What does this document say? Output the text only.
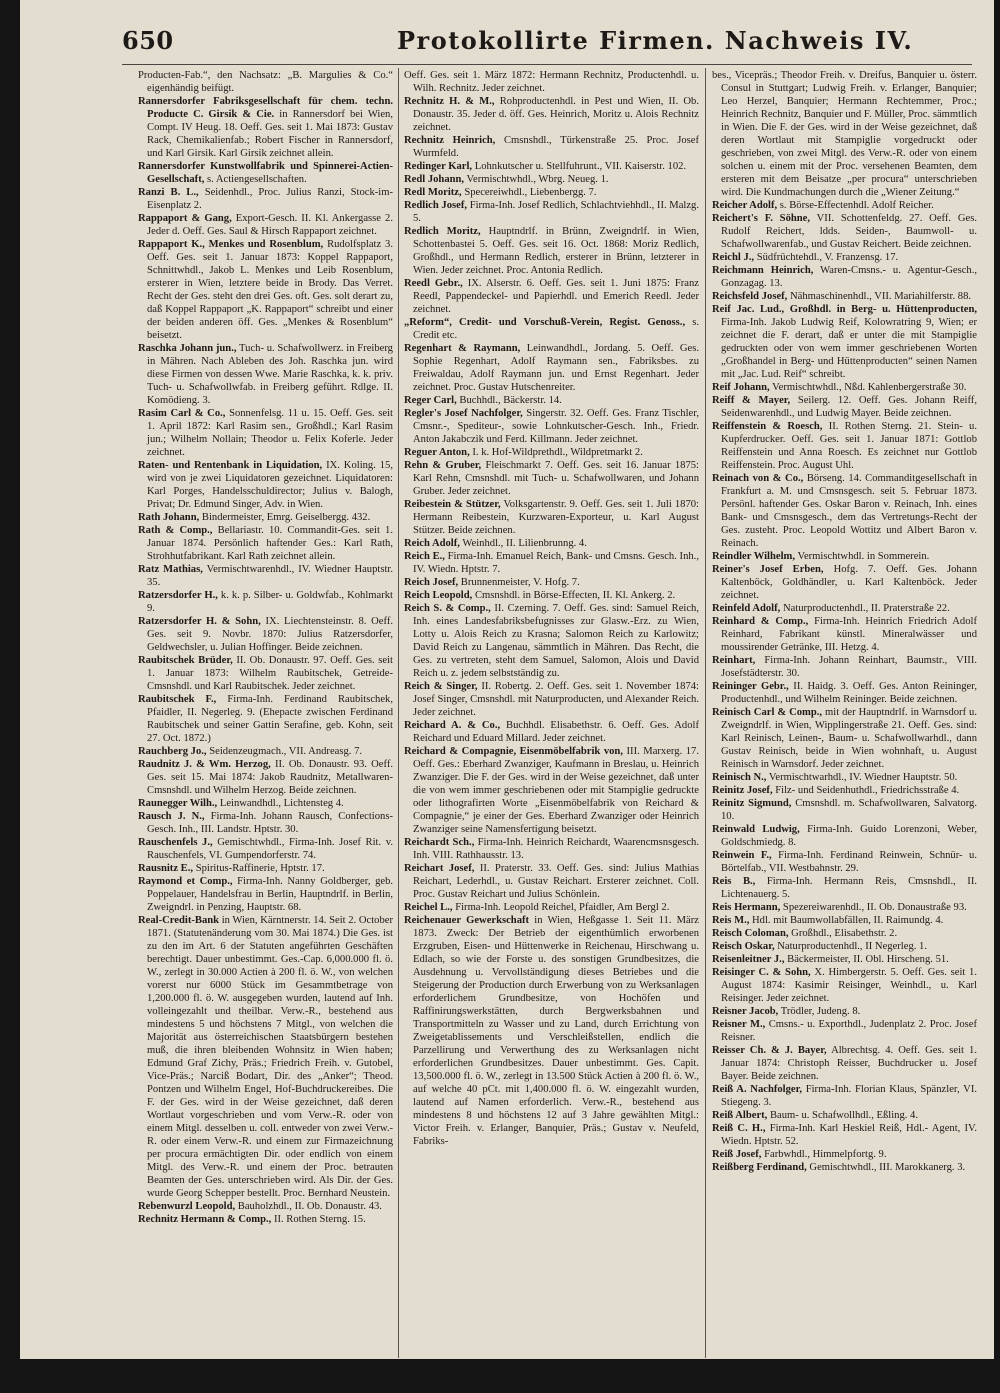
650	Protokollirte Firmen. Nachweis IV.

Producten-Fab.“, den Nachsatz: „B. Margulies & Co.“ eigenhändig beifügt.

Rannersdorfer Fabriksgesellschaft für chem. techn. Producte C. Girsik & Cie. in Rannersdorf bei Wien, Compt. IV Heug. 18. Oeff. Ges. seit 1. Mai 1873: Gustav Rack, Chemikalienfab.; Robert Fischer in Rannersdorf, und Karl Girsik. Karl Girsik zeichnet allein.

Rannersdorfer Kunstwollfabrik und Spinnerei-Actien-Gesellschaft, s. Actiengesellschaften.

Ranzi B. L., Seidenhdl., Proc. Julius Ranzi, Stock-im-Eisenplatz 2.

Rappaport & Gang, Export-Gesch. II. Kl. Ankergasse 2. Jeder d. Oeff. Ges. Saul & Hirsch Rappaport zeichnet.

Rappaport K., Menkes und Rosenblum, Rudolfsplatz 3. Oeff. Ges. seit 1. Januar 1873: Koppel Rappaport, Schnittwhdl., Jakob L. Menkes und Leib Rosenblum, ersterer in Wien, letztere beide in Brody. Das Verret. Recht der Ges. steht den drei Ges. oft. Ges. solt derart zu, daß Koppel Rappaport „K. Rappaport“ schreibt und einer der beiden anderen öff. Ges. „Menkes & Rosenblum“ beisetzt.

Raschka Johann jun., Tuch- u. Schafwollwerz. in Freiberg in Mähren. Nach Ableben des Joh. Raschka jun. wird diese Firmen von dessen Wwe. Marie Raschka, k. k. priv. Tuch- u. Schafwollwfab. in Freiberg geführt. Rdlge. II. Komödieng. 3.

Rasim Carl & Co., Sonnenfelsg. 11 u. 15. Oeff. Ges. seit 1. April 1872: Karl Rasim sen., Großhdl.; Karl Rasim jun.; Wilhelm Nollain; Theodor u. Felix Koferle. Jeder zeichnet.

Raten- und Rentenbank in Liquidation, IX. Koling. 15, wird von je zwei Liquidatoren gezeichnet. Liquidatoren: Karl Porges, Handelsschuldirector; Julius v. Balogh, Privat; Dr. Edmund Singer, Adv. in Wien.

Rath Johann, Bindermeister, Emrg. Geiselbergg. 432.

Rath & Comp., Bellariastr. 10. Commandit-Ges. seit 1. Januar 1874. Persönlich haftender Ges.: Karl Rath, Strohhutfabrikant. Karl Rath zeichnet allein.

Ratz Mathias, Vermischtwarenhdl., IV. Wiedner Hauptstr. 35.

Ratzersdorfer H., k. k. p. Silber- u. Goldwfab., Kohlmarkt 9.

Ratzersdorfer H. & Sohn, IX. Liechtensteinstr. 8. Oeff. Ges. seit 9. Novbr. 1870: Julius Ratzersdorfer, Geldwechsler, u. Julian Hoffinger. Beide zeichnen.

Raubitschek Brüder, II. Ob. Donaustr. 97. Oeff. Ges. seit 1. Januar 1873: Wilhelm Raubitschek, Getreide-Cmsnshdl. und Karl Raubitschek. Jeder zeichnet.

Raubitschek F., Firma-Inh. Ferdinand Raubitschek, Pfaidler, II. Negerleg. 9. (Ehepacte zwischen Ferdinand Raubitschek und seiner Gattin Serafine, geb. Kohn, seit 27. Oct. 1872.)

Rauchberg Jo., Seidenzeugmach., VII. Andreasg. 7.

Raudnitz J. & Wm. Herzog, II. Ob. Donaustr. 93. Oeff. Ges. seit 15. Mai 1874: Jakob Raudnitz, Metallwaren-Cmsnshdl. und Wilhelm Herzog. Beide zeichnen.

Raunegger Wilh., Leinwandhdl., Lichtensteg 4.

Rausch J. N., Firma-Inh. Johann Rausch, Confections-Gesch. Inh., III. Landstr. Hptstr. 30.

Rauschenfels J., Gemischtwhdl., Firma-Inh. Josef Rit. v. Rauschenfels, VI. Gumpendorferstr. 74.

Rausnitz E., Spiritus-Raffinerie, Hptstr. 17.

Raymond et Comp., Firma-Inh. Nanny Goldberger, geb. Poppelauer, Handelsfrau in Berlin, Hauptndrlf. in Berlin, Zweigndrl. in Penzing, Hauptstr. 68.

Real-Credit-Bank in Wien, Kärntnerstr. 14. Seit 2. October 1871. (Statutenänderung vom 30. Mai 1874.) Die Ges. ist zu den im Art. 6 der Statuten angeführten Geschäften berechtigt. Dauer unbestimmt. Ges.-Cap. 6,000.000 fl. ö. W., zerlegt in 30.000 Actien à 200 fl. ö. W., von welchen vorerst nur 6000 Stück im Gesammtbetrage von 1,200.000 fl. ö. W. ausgegeben wurden, lautend auf Inh. volleingezahlt und theilbar. Verw.-R., bestehend aus mindestens 5 und höchstens 7 Mitgl., von welchen die Majorität aus österreichischen Staatsbürgern bestehen muß, die ihren bleibenden Wohnsitz in Wien haben; Edmund Graf Zichy, Präs.; Friedrich Freih. v. Gutobel, Vice-Präs.; Narciß Bodart, Dir. des „Anker“; Theod. Pontzen und Wilhelm Engel, Hof-Buchdruckereibes. Die F. der Ges. wird in der Weise gezeichnet, daß deren Wortlaut vorgeschrieben und vom Verw.-R. oder von einem Mitgl. desselben u. coll. entweder von zwei Verw.-R. oder einem Verw.-R. und einem zur Firmazeichnung per procura ermächtigten Dir. oder endlich von einem Mitgl. des Verw.-R. und einem der Proc. betrauten Beamten der Ges. unterschrieben wird. Als Dir. der Ges. wurde Georg Schepper bestellt. Proc. Bernhard Neustein.

Rebenwurzl Leopold, Bauholzhdl., II. Ob. Donaustr. 43.

Rechnitz Hermann & Comp., II. Rothen Sterng. 15.

Oeff. Ges. seit 1. März 1872: Hermann Rechnitz, Productenhdl. u. Wilh. Rechnitz. Jeder zeichnet.

Rechnitz H. & M., Rohproductenhdl. in Pest und Wien, II. Ob. Donaustr. 35. Jeder d. öff. Ges. Heinrich, Moritz u. Alois Rechnitz zeichnet.

Rechnitz Heinrich, Cmsnshdl., Türkenstraße 25. Proc. Josef Wurmfeld.

Redinger Karl, Lohnkutscher u. Stellfuhrunt., VII. Kaiserstr. 102.

Redl Johann, Vermischtwhdl., Wbrg. Neueg. 1.

Redl Moritz, Specereiwhdl., Liebenbergg. 7.

Redlich Josef, Firma-Inh. Josef Redlich, Schlachtviehhdl., II. Malzg. 5.

Redlich Moritz, Hauptndrlf. in Brünn, Zweigndrlf. in Wien, Schottenbastei 5. Oeff. Ges. seit 16. Oct. 1868: Moriz Redlich, Großhdl., und Hermann Redlich, ersterer in Brünn, letzterer in Wien. Jeder zeichnet. Proc. Antonia Redlich.

Reedl Gebr., IX. Alserstr. 6. Oeff. Ges. seit 1. Juni 1875: Franz Reedl, Pappendeckel- und Papierhdl. und Emerich Reedl. Jeder zeichnet.

„Reform“, Credit- und Vorschuß-Verein, Regist. Genoss., s. Credit etc.

Regenhart & Raymann, Leinwandhdl., Jordang. 5. Oeff. Ges. Sophie Regenhart, Adolf Raymann sen., Fabriksbes. zu Freiwaldau, Adolf Raymann jun. und Ernst Regenhart. Jeder zeichnet. Proc. Gustav Hutschenreiter.

Reger Carl, Buchhdl., Bäckerstr. 14.

Regler's Josef Nachfolger, Singerstr. 32. Oeff. Ges. Franz Tischler, Cmsnr.-, Spediteur-, sowie Lohnkutscher-Gesch. Inh., Friedr. Anton Jakabczik und Ferd. Killmann. Jeder zeichnet.

Reguer Anton, I. k. Hof-Wildprethdl., Wildpretmarkt 2.

Rehn & Gruber, Fleischmarkt 7. Oeff. Ges. seit 16. Januar 1875: Karl Rehn, Cmsnshdl. mit Tuch- u. Schafwollwaren, und Johann Gruber. Jeder zeichnet.

Reibestein & Stützer, Volksgartenstr. 9. Oeff. Ges. seit 1. Juli 1870: Hermann Reibestein, Kurzwaren-Exporteur, u. Karl August Stützer. Beide zeichnen.

Reich Adolf, Weinhdl., II. Lilienbrunng. 4.

Reich E., Firma-Inh. Emanuel Reich, Bank- und Cmsns. Gesch. Inh., IV. Wiedn. Hptstr. 7.

Reich Josef, Brunnenmeister, V. Hofg. 7.

Reich Leopold, Cmsnshdl. in Börse-Effecten, II. Kl. Ankerg. 2.

Reich S. & Comp., II. Czerning. 7. Oeff. Ges. sind: Samuel Reich, Inh. eines Landesfabriksbefugnisses zur Glasw.-Erz. zu Wien, Lotty u. Alois Reich zu Krasna; Salomon Reich zu Karlowitz; David Reich zu Langenau, sämmtlich in Mähren. Das Recht, die Ges. zu vertreten, steht dem Samuel, Salomon, Alois und David Reich u. z. jedem selbstständig zu.

Reich & Singer, II. Robertg. 2. Oeff. Ges. seit 1. November 1874: Josef Singer, Cmsnshdl. mit Naturproducten, und Alexander Reich. Jeder zeichnet.

Reichard A. & Co., Buchhdl. Elisabethstr. 6. Oeff. Ges. Adolf Reichard und Eduard Millard. Jeder zeichnet.

Reichard & Compagnie, Eisenmöbelfabrik von, III. Marxerg. 17. Oeff. Ges.: Eberhard Zwanziger, Kaufmann in Breslau, u. Heinrich Zwanziger. Die F. der Ges. wird in der Weise gezeichnet, daß unter die von wem immer geschriebenen oder mit Stampiglie gedruckte oder lithografirten Worte „Eisenmöbelfabrik von Reichard & Compagnie,“ je einer der Ges. Eberhard Zwanziger oder Heinrich Zwanziger seine Namensfertigung beisetzt.

Reichardt Sch., Firma-Inh. Heinrich Reichardt, Waarencmsnsgesch. Inh. VIII. Rathhausstr. 13.

Reichart Josef, II. Praterstr. 33. Oeff. Ges. sind: Julius Mathias Reichart, Lederhdl., u. Gustav Reichart. Ersterer zeichnet. Coll. Proc. Gustav Reichart und Julius Schönlein.

Reichel L., Firma-Inh. Leopold Reichel, Pfaidler, Am Bergl 2.

Reichenauer Gewerkschaft in Wien, Heßgasse 1. Seit 11. März 1873. Zweck: Der Betrieb der eigenthümlich erworbenen Erzgruben, Eisen- und Hüttenwerke in Reichenau, Hirschwang u. Edlach, so wie der Forste u. des sonstigen Grundbesitzes, die Ausdehnung u. Vervollständigung dieses Betriebes und die Steigerung der Production durch Erwerbung von zu Werksanlagen erforderlichem Grundbesitze, von Hochöfen und Raffinirungswerkstätten, durch Bergwerksbahnen und Transportmitteln zu Wasser und zu Land, durch Errichtung von Zweigetablissements und Verschleißstellen, endlich die Parzellirung und Verwerthung des zu Werksanlagen nicht erforderlichen Grundbesitzes. Dauer unbestimmt. Ges. Capit. 13,500.000 fl. ö. W., zerlegt in 13.500 Stück Actien à 200 fl. ö. W., auf welche 40 pCt. mit 1,400.000 fl. ö. W. eingezahlt wurden, lautend auf Namen erforderlich. Verw.-R., bestehend aus mindestens 8 und höchstens 12 auf 3 Jahre gewählten Mitgl.: Victor Freih. v. Erlanger, Banquier, Präs.; Gustav v. Neufeld, Fabriks-

bes., Vicepräs.; Theodor Freih. v. Dreifus, Banquier u. österr. Consul in Stuttgart; Ludwig Freih. v. Erlanger, Banquier; Leo Herzel, Banquier; Hermann Rechtemmer, Proc.; Heinrich Rechnitz, Banquier und F. Müller, Proc. sämmtlich in Wien. Die F. der Ges. wird in der Weise gezeichnet, daß deren Wortlaut mit Stampiglie vorgedruckt oder geschrieben, von zwei Mitgl. des Verw.-R. oder von einem solchen u. einem mit der Proc. versehenen Beamten, dem ersteren mit dem Beisatze „per procura“ unterschrieben wird. Die Kundmachungen durch die „Wiener Zeitung.“

Reicher Adolf, s. Börse-Effectenhdl. Adolf Reicher.

Reichert's F. Söhne, VII. Schottenfeldg. 27. Oeff. Ges. Rudolf Reichert, ldds. Seiden-, Baumwoll- u. Schafwollwarenfab., und Gustav Reichert. Beide zeichnen.

Reichl J., Südfrüchtehdl., V. Franzensg. 17.

Reichmann Heinrich, Waren-Cmsns.- u. Agentur-Gesch., Gonzagag. 13.

Reichsfeld Josef, Nähmaschinenhdl., VII. Mariahilferstr. 88.

Reif Jac. Lud., Großhdl. in Berg- u. Hüttenproducten, Firma-Inh. Jakob Ludwig Reif, Kolowratring 9, Wien; er zeichnet die F. derart, daß er unter die mit Stampiglie gedruckten oder von wem immer geschriebenen Worten „Großhandel in Berg- und Hüttenproducten“ seinen Namen mit „Jac. Lud. Reif“ schreibt.

Reif Johann, Vermischtwhdl., Nßd. Kahlenbergerstraße 30.

Reiff & Mayer, Seilerg. 12. Oeff. Ges. Johann Reiff, Seidenwarenhdl., und Ludwig Mayer. Beide zeichnen.

Reiffenstein & Roesch, II. Rothen Sterng. 21. Stein- u. Kupferdrucker. Oeff. Ges. seit 1. Januar 1871: Gottlob Reiffenstein und Anna Roesch. Es zeichnet nur Gottlob Reiffenstein. Proc. August Uhl.

Reinach von & Co., Börseng. 14. Commanditgesellschaft in Frankfurt a. M. und Cmsnsgesch. seit 5. Februar 1873. Persönl. haftender Ges. Oskar Baron v. Reinach, Inh. eines Bank- und Cmsnsgesch., dem das Vertretungs-Recht der Ges. zusteht. Proc. Leopold Wottitz und Albert Baron v. Reinach.

Reindler Wilhelm, Vermischtwhdl. in Sommerein.

Reiner's Josef Erben, Hofg. 7. Oeff. Ges. Johann Kaltenböck, Goldhändler, u. Karl Kaltenböck. Jeder zeichnet.

Reinfeld Adolf, Naturproductenhdl., II. Praterstraße 22.

Reinhard & Comp., Firma-Inh. Heinrich Friedrich Adolf Reinhard, Fabrikant künstl. Mineralwässer und moussirender Getränke, III. Hetzg. 4.

Reinhart, Firma-Inh. Johann Reinhart, Baumstr., VIII. Josefstädterstr. 30.

Reininger Gebr., II. Haidg. 3. Oeff. Ges. Anton Reininger, Productenhdl., und Wilhelm Reininger. Beide zeichnen.

Reinisch Carl & Comp., mit der Hauptndrlf. in Warnsdorf u. Zweigndrlf. in Wien, Wipplingerstraße 21. Oeff. Ges. sind: Karl Reinisch, Leinen-, Baum- u. Schafwollwarhdl., dann Gustav Reinisch, beide in Wien wohnhaft, u. August Reinisch in Warnsdorf. Jeder zeichnet.

Reinisch N., Vermischtwarhdl., IV. Wiedner Hauptstr. 50.

Reinitz Josef, Filz- und Seidenhuthdl., Friedrichsstraße 4.

Reinitz Sigmund, Cmsnshdl. m. Schafwollwaren, Salvatorg. 10.

Reinwald Ludwig, Firma-Inh. Guido Lorenzoni, Weber, Goldschmiedg. 8.

Reinwein F., Firma-Inh. Ferdinand Reinwein, Schnür- u. Börtelfab., VII. Westbahnstr. 29.

Reis B., Firma-Inh. Hermann Reis, Cmsnshdl., II. Lichtenauerg. 5.

Reis Hermann, Spezereiwarenhdl., II. Ob. Donaustraße 93.

Reis M., Hdl. mit Baumwollabfällen, II. Raimundg. 4.

Reisch Coloman, Großhdl., Elisabethstr. 2.

Reisch Oskar, Naturproductenhdl., II Negerleg. 1.

Reisenleitner J., Bäckermeister, II. Obl. Hirscheng. 51.

Reisinger C. & Sohn, X. Himbergerstr. 5. Oeff. Ges. seit 1. August 1874: Kasimir Reisinger, Weinhdl., u. Karl Reisinger. Jeder zeichnet.

Reisner Jacob, Trödler, Judeng. 8.

Reisner M., Cmsns.- u. Exporthdl., Judenplatz 2. Proc. Josef Reisner.

Reisser Ch. & J. Bayer, Albrechtsg. 4. Oeff. Ges. seit 1. Januar 1874: Christoph Reisser, Buchdrucker u. Josef Bayer. Beide zeichnen.

Reiß A. Nachfolger, Firma-Inh. Florian Klaus, Spänzler, VI. Stiegeng. 3.

Reiß Albert, Baum- u. Schafwollhdl., Eßling. 4.

Reiß C. H., Firma-Inh. Karl Heskiel Reiß, Hdl.- Agent, IV. Wiedn. Hptstr. 52.

Reiß Josef, Farbwhdl., Himmelpfortg. 9.

Reißberg Ferdinand, Gemischtwhdl., III. Marokkanerg. 3.
